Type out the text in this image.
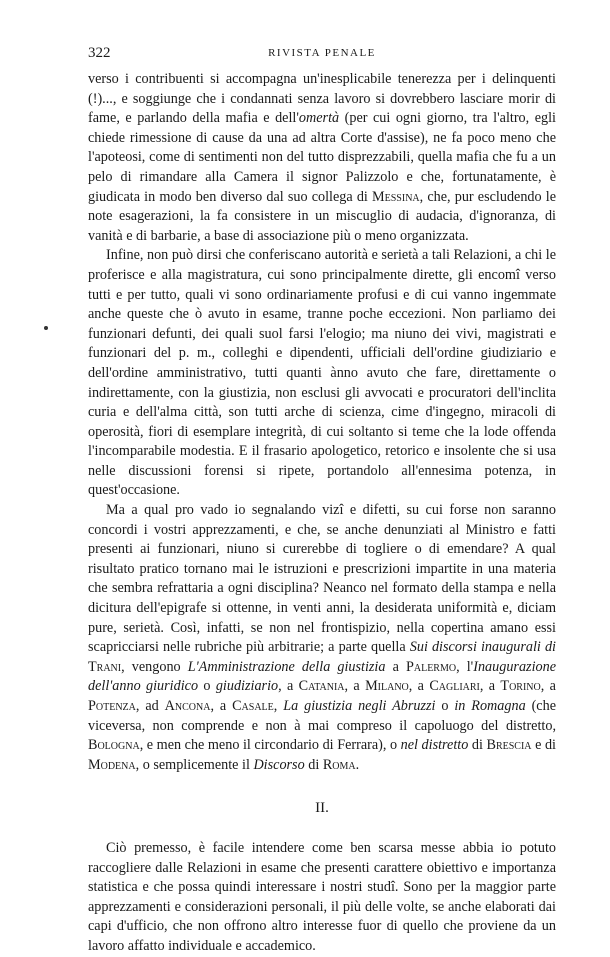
322	RIVISTA PENALE

verso i contribuenti si accompagna un'inesplicabile tenerezza per i delinquenti (!)..., e soggiunge che i condannati senza lavoro si dovrebbero lasciare morir di fame, e parlando della mafia e dell'omertà (per cui ogni giorno, tra l'altro, egli chiede rimessione di cause da una ad altra Corte d'assise), ne fa poco meno che l'apoteosi, come di sentimenti non del tutto disprezzabili, quella mafia che fu a un pelo di rimandare alla Camera il signor Palizzolo e che, fortunatamente, è giudicata in modo ben diverso dal suo collega di Messina, che, pur escludendo le note esagerazioni, la fa consistere in un miscuglio di audacia, d'ignoranza, di vanità e di barbarie, a base di associazione più o meno organizzata.

Infine, non può dirsi che conferiscano autorità e serietà a tali Relazioni, a chi le proferisce e alla magistratura, cui sono principalmente dirette, gli encomî verso tutti e per tutto, quali vi sono ordinariamente profusi e di cui vanno ingemmate anche queste che ò avuto in esame, tranne poche eccezioni. Non parliamo dei funzionari defunti, dei quali suol farsi l'elogio; ma niuno dei vivi, magistrati e funzionari del p. m., colleghi e dipendenti, ufficiali dell'ordine giudiziario e dell'ordine amministrativo, tutti quanti ànno avuto che fare, direttamente o indirettamente, con la giustizia, non esclusi gli avvocati e procuratori dell'inclita curia e dell'alma città, son tutti arche di scienza, cime d'ingegno, miracoli di operosità, fiori di esemplare integrità, di cui soltanto si teme che la lode offenda l'incomparabile modestia. E il frasario apologetico, retorico e insolente che si usa nelle discussioni forensi si ripete, portandolo all'ennesima potenza, in quest'occasione.

Ma a qual pro vado io segnalando vizî e difetti, su cui forse non saranno concordi i vostri apprezzamenti, e che, se anche denunziati al Ministro e fatti presenti ai funzionari, niuno si curerebbe di togliere o di emendare? A qual risultato pratico tornano mai le istruzioni e prescrizioni impartite in una materia che sembra refrattaria a ogni disciplina? Neanco nel formato della stampa e nella dicitura dell'epigrafe si ottenne, in venti anni, la desiderata uniformità e, diciam pure, serietà. Così, infatti, se non nel frontispizio, nella copertina amano essi scapricciarsi nelle rubriche più arbitrarie; a parte quella Sui discorsi inaugurali di Trani, vengono L'Amministrazione della giustizia a Palermo, l'Inaugurazione dell'anno giuridico o giudiziario, a Catania, a Milano, a Cagliari, a Torino, a Potenza, ad Ancona, a Casale, La giustizia negli Abruzzi o in Romagna (che viceversa, non comprende e non à mai compreso il capoluogo del distretto, Bologna, e men che meno il circondario di Ferrara), o nel distretto di Brescia e di Modena, o semplicemente il Discorso di Roma.

II.

Ciò premesso, è facile intendere come ben scarsa messe abbia io potuto raccogliere dalle Relazioni in esame che presenti carattere obiettivo e importanza statistica e che possa quindi interessare i nostri studî. Sono per la maggior parte apprezzamenti e considerazioni personali, il più delle volte, se anche elaborati dai capi d'ufficio, che non offrono altro interesse fuor di quello che proviene da un lavoro affatto individuale e accademico.
